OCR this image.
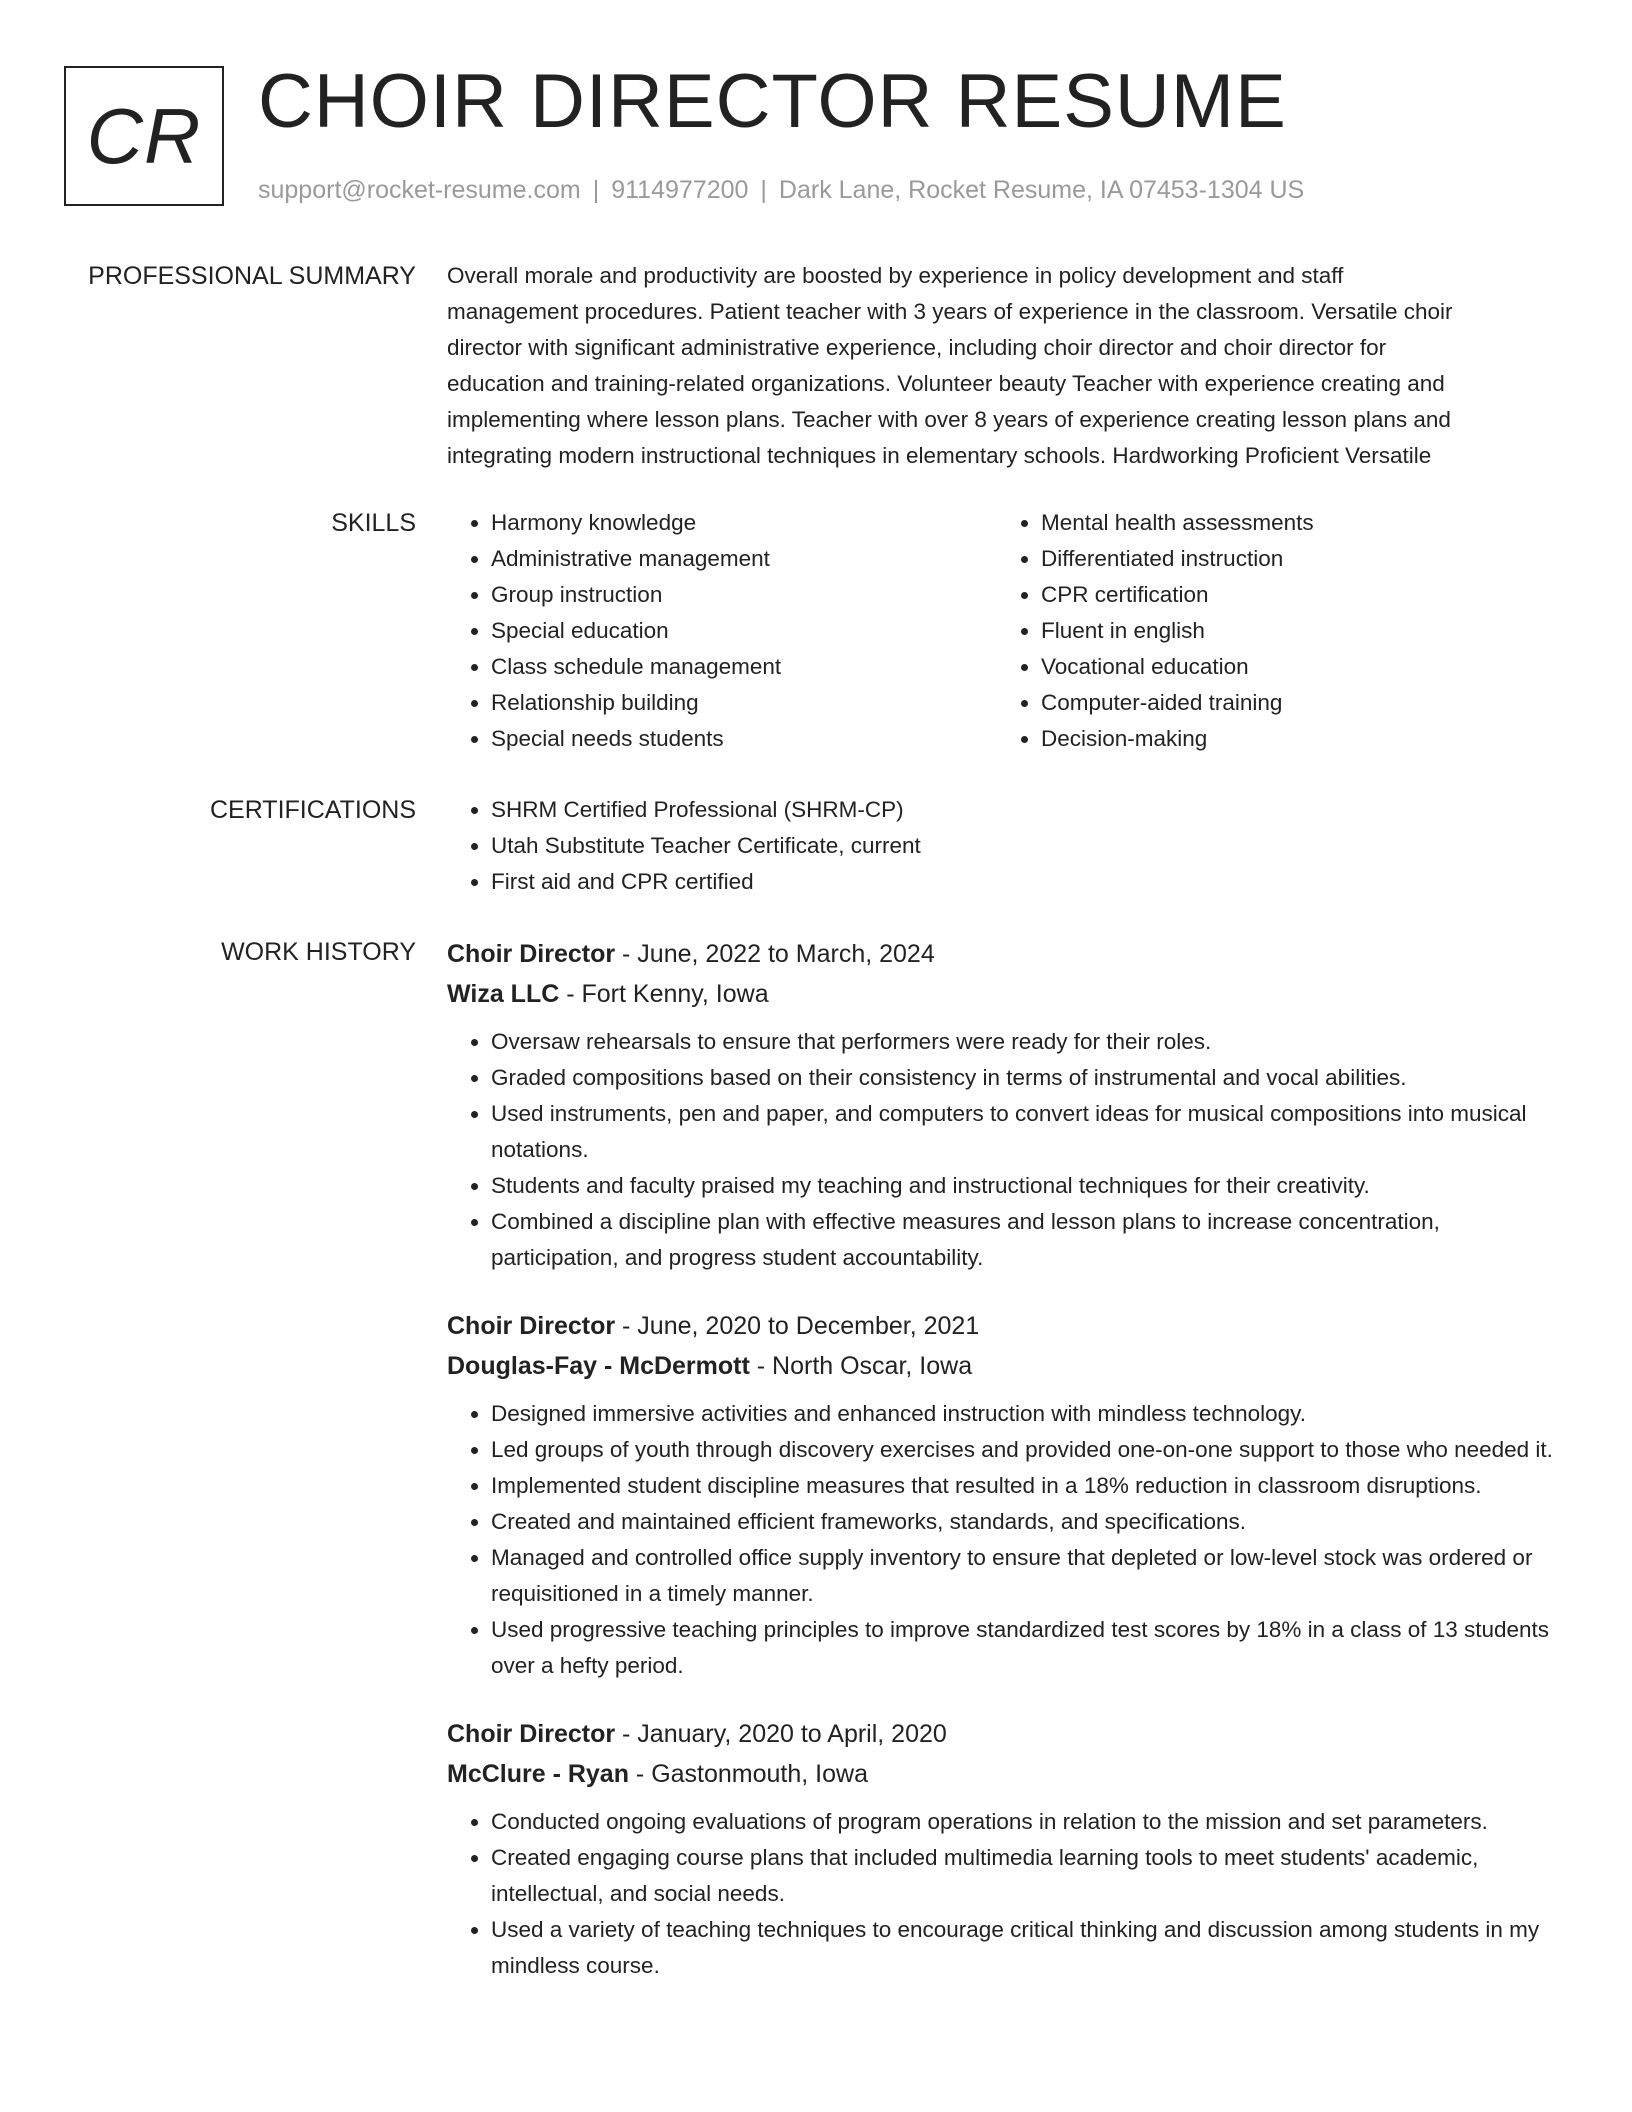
CR CHOIR DIRECTOR RESUME
support@rocket-resume.com | 9114977200 | Dark Lane, Rocket Resume, IA 07453-1304 US
PROFESSIONAL SUMMARY Overall morale and productivity are boosted by experience in policy development and staff
management procedures. Patient teacher with 3 years of experience in the classroom. Versatile choir
director with significant administrative experience, including choir director and choir director for
education and training-related organizations. Volunteer beauty Teacher with experience creating and
implementing where lesson plans. Teacher with over 8 years of experience creating lesson plans and
integrating modern instructional techniques in elementary schools. Hardworking Proficient Versatile
SKILLS	• Harmony knowledge
• Administrative management
• Group instruction
• Special education
• Class schedule management
• Relationship building
• Special needs students
• Mental health assessments
• Differentiated instruction
• CPR certification
• Fluent in english
• Vocational education
• Computer-aided training
• Decision-making
CERTIFICATIONS	• SHRM Certified Professional (SHRM-CP)
• Utah Substitute Teacher Certificate, current
• First aid and CPR certified
WORK HISTORY Choir Director - June, 2022 to March, 2024
Wiza LLC - Fort Kenny, Iowa
• Oversaw rehearsals to ensure that performers were ready for their roles.
• Graded compositions based on their consistency in terms of instrumental and vocal abilities.
• Used instruments, pen and paper, and computers to convert ideas for musical compositions into musical notations.
• Students and faculty praised my teaching and instructional techniques for their creativity.
• Combined a discipline plan with effective measures and lesson plans to increase concentration, participation, and progress student accountability.
Choir Director - June, 2020 to December, 2021
Douglas-Fay - McDermott - North Oscar, Iowa
• Designed immersive activities and enhanced instruction with mindless technology.
• Led groups of youth through discovery exercises and provided one-on-one support to those who needed it.
• Implemented student discipline measures that resulted in a 18% reduction in classroom disruptions.
• Created and maintained efficient frameworks, standards, and specifications.
• Managed and controlled office supply inventory to ensure that depleted or low-level stock was ordered or requisitioned in a timely manner.
• Used progressive teaching principles to improve standardized test scores by 18% in a class of 13 students over a hefty period.
Choir Director - January, 2020 to April, 2020
McClure - Ryan - Gastonmouth, Iowa
• Conducted ongoing evaluations of program operations in relation to the mission and set parameters.
• Created engaging course plans that included multimedia learning tools to meet students' academic, intellectual, and social needs.
• Used a variety of teaching techniques to encourage critical thinking and discussion among students in my mindless course.
